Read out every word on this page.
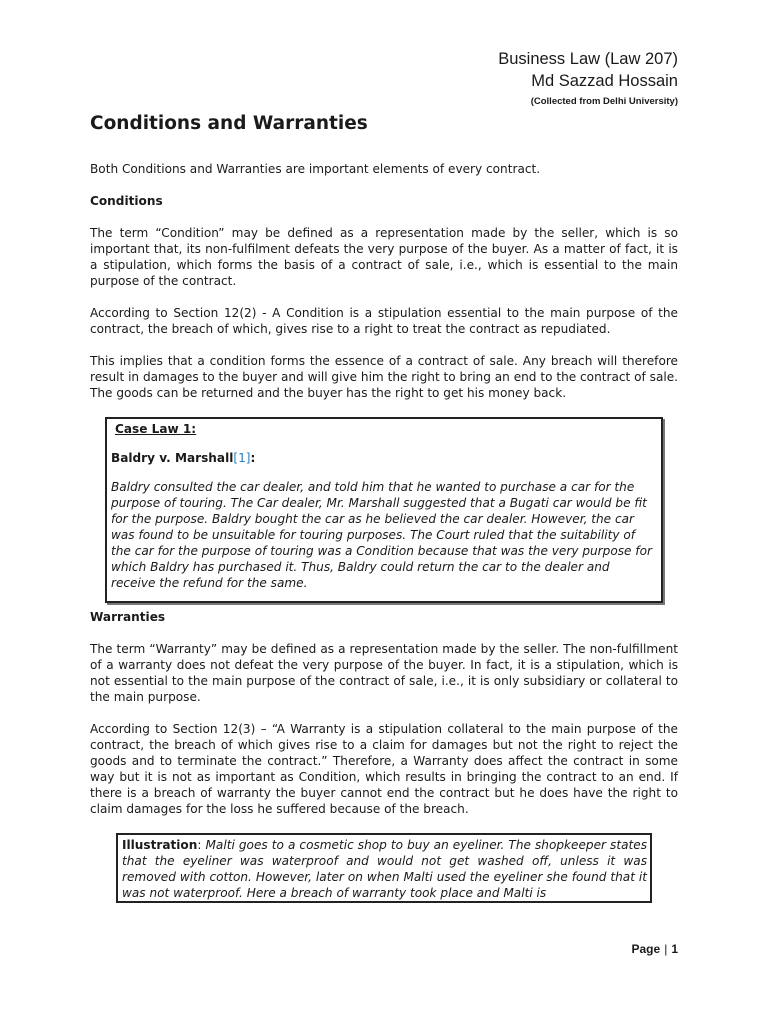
Business Law (Law 207)
Md Sazzad Hossain
(Collected from Delhi University)
Conditions and Warranties

Both Conditions and Warranties are important elements of every contract.

Conditions

The term “Condition” may be defined as a representation made by the seller, which is so important that, its non-fulfilment defeats the very purpose of the buyer. As a matter of fact, it is a stipulation, which forms the basis of a contract of sale, i.e., which is essential to the main purpose of the contract.

According to Section 12(2) - A Condition is a stipulation essential to the main purpose of the contract, the breach of which, gives rise to a right to treat the contract as repudiated.

This implies that a condition forms the essence of a contract of sale. Any breach will therefore result in damages to the buyer and will give him the right to bring an end to the contract of sale. The goods can be returned and the buyer has the right to get his money back.

Case Law 1:
Baldry v. Marshall[1]:

Baldry consulted the car dealer, and told him that he wanted to purchase a car for the purpose of touring. The Car dealer, Mr. Marshall suggested that a Bugati car would be fit for the purpose. Baldry bought the car as he believed the car dealer. However, the car was found to be unsuitable for touring purposes. The Court ruled that the suitability of the car for the purpose of touring was a Condition because that was the very purpose for which Baldry has purchased it. Thus, Baldry could return the car to the dealer and receive the refund for the same.

Warranties

The term “Warranty” may be defined as a representation made by the seller. The non-fulfillment of a warranty does not defeat the very purpose of the buyer. In fact, it is a stipulation, which is not essential to the main purpose of the contract of sale, i.e., it is only subsidiary or collateral to the main purpose.

According to Section 12(3) – “A Warranty is a stipulation collateral to the main purpose of the contract, the breach of which gives rise to a claim for damages but not the right to reject the goods and to terminate the contract.” Therefore, a Warranty does affect the contract in some way but it is not as important as Condition, which results in bringing the contract to an end. If there is a breach of warranty the buyer cannot end the contract but he does have the right to claim damages for the loss he suffered because of the breach.

Illustration: Malti goes to a cosmetic shop to buy an eyeliner. The shopkeeper states that the eyeliner was waterproof and would not get washed off, unless it was removed with cotton. However, later on when Malti used the eyeliner she found that it was not waterproof. Here a breach of warranty took place and Malti is

Page | 1
